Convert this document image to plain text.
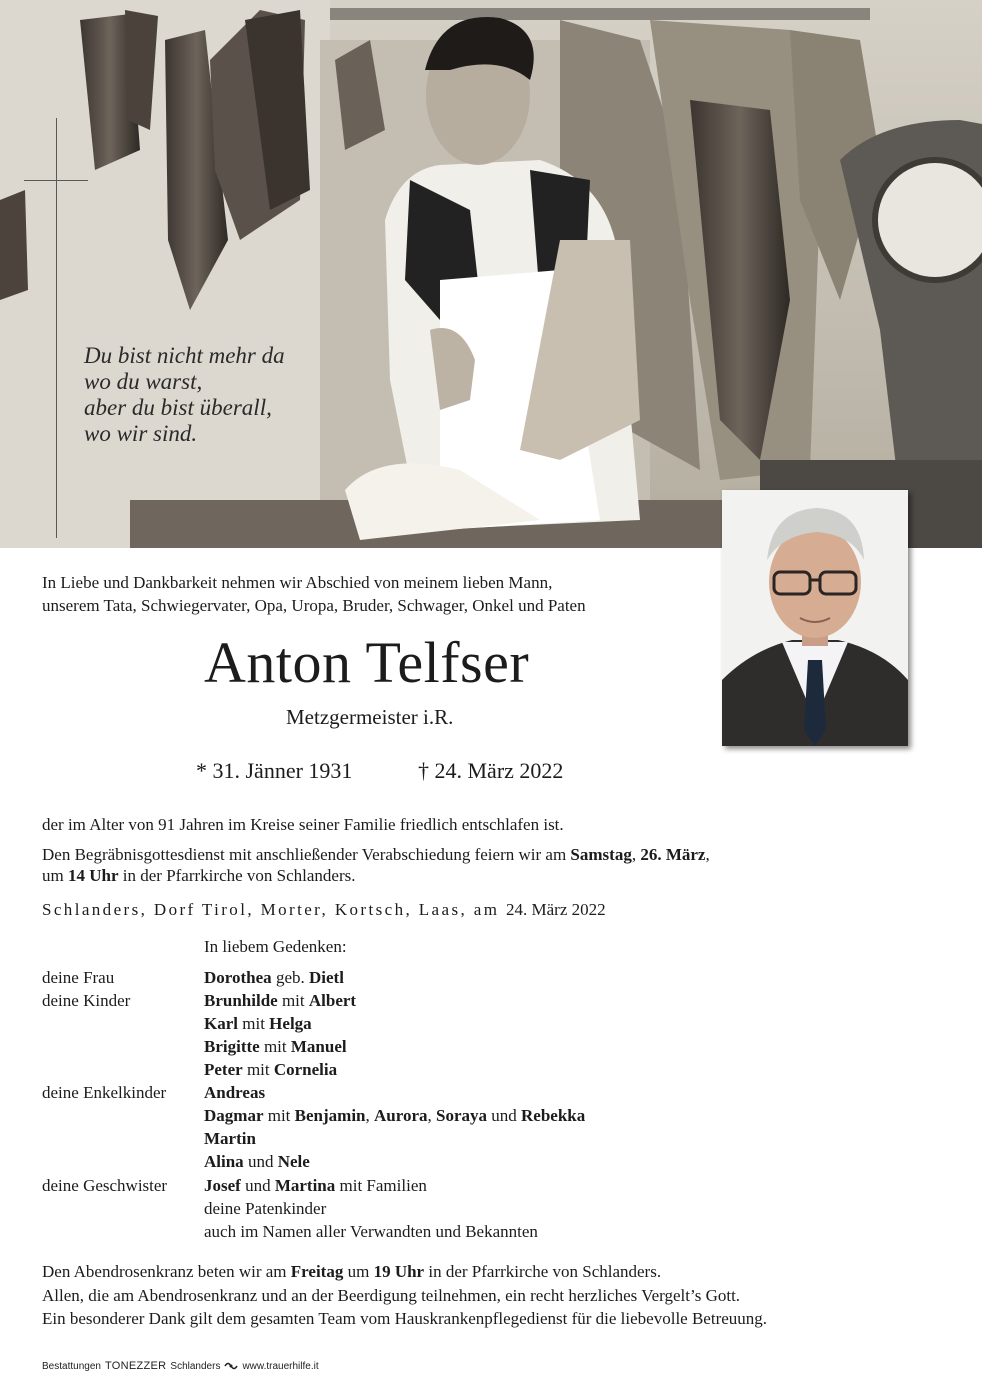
Du bist nicht mehr da
wo du warst,
aber du bist überall,
wo wir sind.
In Liebe und Dankbarkeit nehmen wir Abschied von meinem lieben Mann,
unserem Tata, Schwiegervater, Opa, Uropa, Bruder, Schwager, Onkel und Paten
Anton Telfser
Metzgermeister i.R.
* 31. Jänner 1931	† 24. März 2022
der im Alter von 91 Jahren im Kreise seiner Familie friedlich entschlafen ist.
Den Begräbnisgottesdienst mit anschließender Verabschiedung feiern wir am Samstag, 26. März,
um 14 Uhr in der Pfarrkirche von Schlanders.
Schlanders, Dorf Tirol, Morter, Kortsch, Laas, am 24. März 2022
In liebem Gedenken:
deine Frau	Dorothea geb. Dietl
deine Kinder	Brunhilde mit Albert
Karl mit Helga
Brigitte mit Manuel
Peter mit Cornelia
deine Enkelkinder Andreas
Dagmar mit Benjamin, Aurora, Soraya und Rebekka
Martin
Alina und Nele
deine Geschwister Josef und Martina mit Familien
deine Patenkinder
auch im Namen aller Verwandten und Bekannten
Den Abendrosenkranz beten wir am Freitag um 19 Uhr in der Pfarrkirche von Schlanders.
Allen, die am Abendrosenkranz und an der Beerdigung teilnehmen, ein recht herzliches Vergelt’s Gott.
Ein besonderer Dank gilt dem gesamten Team vom Hauskrankenpflegedienst für die liebevolle Betreuung.
Bestattungen TONEZZER Schlanders www.trauerhilfe.it
